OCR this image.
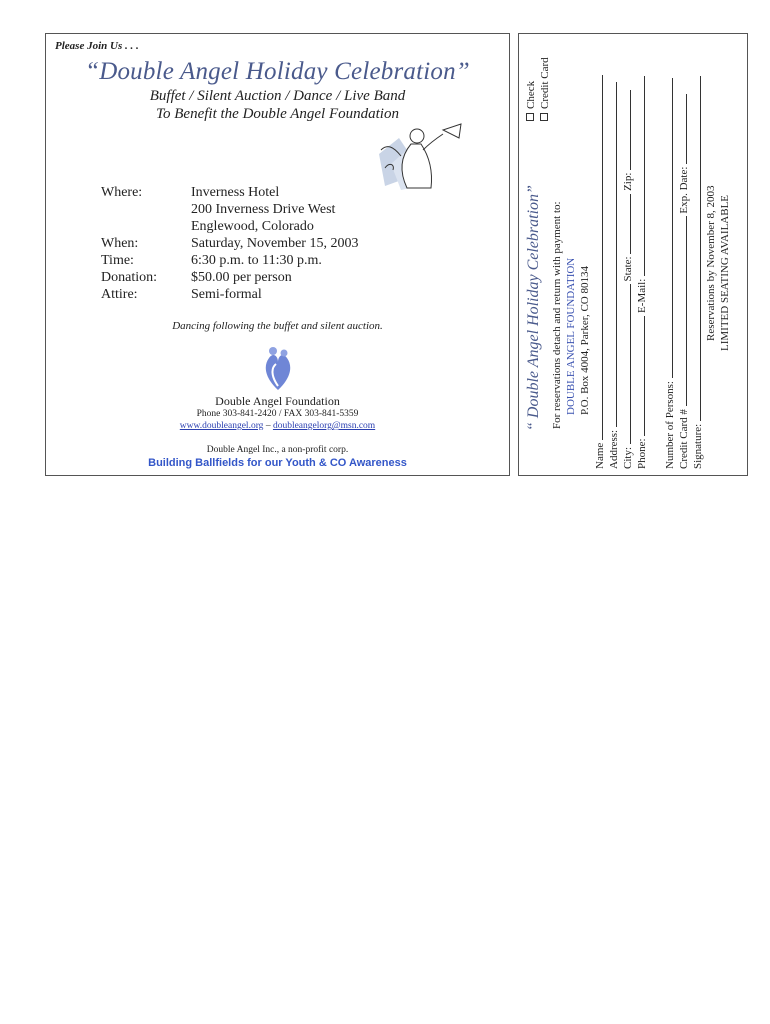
Please Join Us . . .
“Double Angel Holiday Celebration”
Buffet / Silent Auction / Dance / Live Band
To Benefit the Double Angel Foundation
Where:	Inverness Hotel
200 Inverness Drive West
Englewood, Colorado
When:	Saturday, November 15, 2003
Time:	6:30 p.m. to 11:30 p.m.
Donation: $50.00 per person
Attire:	Semi-formal
Dancing following the buffet and silent auction.
Double Angel Foundation
Phone 303-841-2420 / FAX 303-841-5359
www.doubleangel.org – doubleangelorg@msn.com
Double Angel Inc., a non-profit corp.
Building Ballfields for our Youth & CO Awareness
“ Double Angel Holiday Celebration”
Check Credit Card
For reservations detach and return with payment to: DOUBLE ANGEL FOUNDATION P.O. Box 4004, Parker, CO 80134
Name Address: City:  State:  Zip:
Phone:  E-Mail:
Number of Persons: Credit Card #  Exp. Date:
Signature:
Reservations by November 8, 2003 LIMITED SEATING AVAILABLE
